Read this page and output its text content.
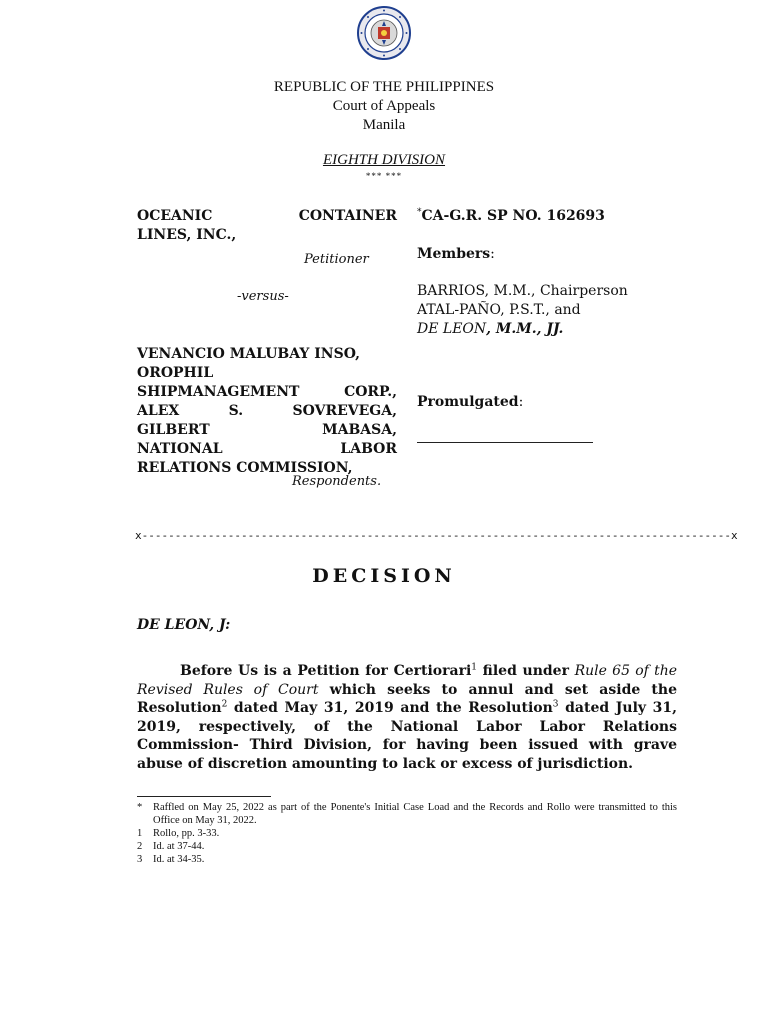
REPUBLIC OF THE PHILIPPINES
Court of Appeals
Manila
EIGHTH DIVISION
*** ***
OCEANIC	CONTAINER
LINES, INC.,
Petitioner
-versus-
VENANCIO MALUBAY INSO,
OROPHIL
SHIPMANAGEMENT	CORP.,
ALEX	S.	SOVREVEGA,
GILBERT	MABASA,
NATIONAL	LABOR
RELATIONS COMMISSION,
Respondents.
*CA-G.R. SP NO. 162693
Members:
BARRIOS, M.M., Chairperson
ATAL-PAÑO, P.S.T., and
DE LEON, M.M., JJ.
Promulgated:
x-----------------------------------------------------------------------------------------x
DECISION
DE LEON, J:
Before Us is a Petition for Certiorari$^1$ filed under Rule 65 of the Revised Rules of Court which seeks to annul and set aside the Resolution$^2$ dated May 31, 2019 and the Resolution$^3$ dated July 31, 2019, respectively, of the National Labor Labor Relations Commission- Third Division, for having been issued with grave abuse of discretion amounting to lack or excess of jurisdiction.
*	Raffled on May 25, 2022 as part of the Ponente's Initial Case Load and the Records and Rollo were transmitted to this Office on May 31, 2022.
1	Rollo, pp. 3-33.
2	Id. at 37-44.
3	Id. at 34-35.
